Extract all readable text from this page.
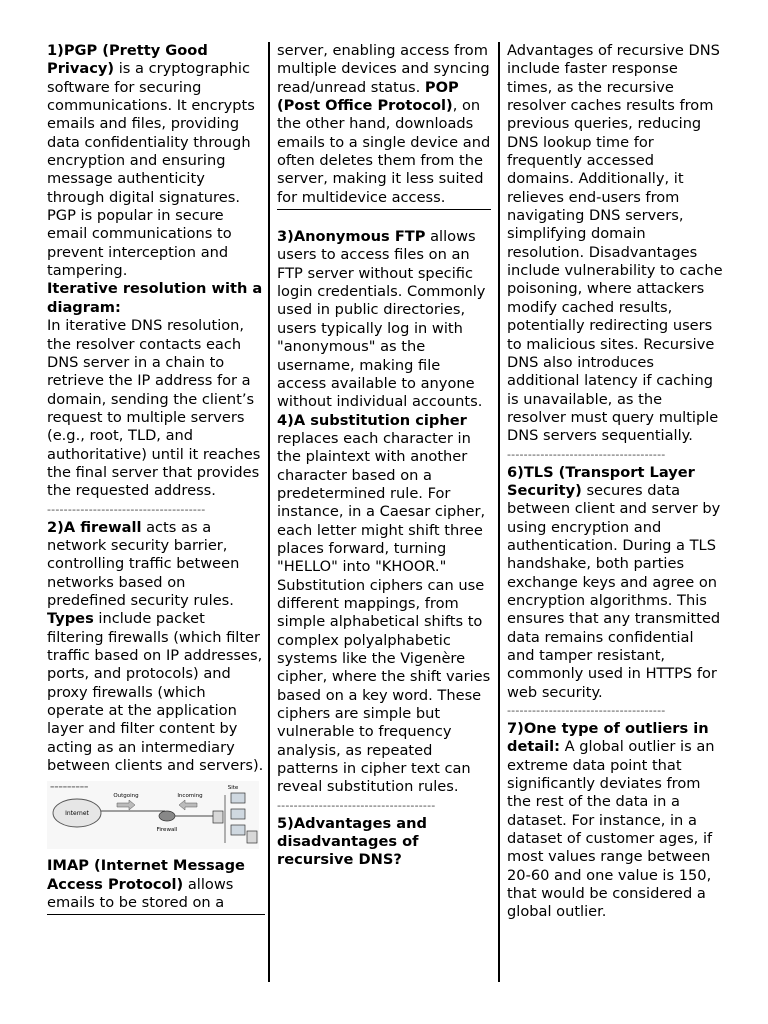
1)PGP (Pretty Good Privacy) is a cryptographic software for securing communications. It encrypts emails and files, providing data confidentiality through encryption and ensuring message authenticity through digital signatures. PGP is popular in secure email communications to prevent interception and tampering.

Iterative resolution with a diagram:

In iterative DNS resolution, the resolver contacts each DNS server in a chain to retrieve the IP address for a domain, sending the client’s request to multiple servers (e.g., root, TLD, and authoritative) until it reaches the final server that provides the requested address.

--------------------------------------

2)A firewall acts as a network security barrier, controlling traffic between networks based on predefined security rules. Types include packet filtering firewalls (which filter traffic based on IP addresses, ports, and protocols) and proxy firewalls (which operate at the application layer and filter content by acting as an intermediary between clients and servers).

▬▬▬▬▬▬▬▬▬
Internet
Outgoing	Incoming
Firewall
Site

IMAP (Internet Message Access Protocol) allows emails to be stored on a

server, enabling access from multiple devices and syncing read/unread status. POP (Post Office Protocol), on the other hand, downloads emails to a single device and often deletes them from the server, making it less suited for multidevice access.

3)Anonymous FTP allows users to access files on an FTP server without specific login credentials. Commonly used in public directories, users typically log in with "anonymous" as the username, making file access available to anyone without individual accounts.

4)A substitution cipher replaces each character in the plaintext with another character based on a predetermined rule. For instance, in a Caesar cipher, each letter might shift three places forward, turning "HELLO" into "KHOOR." Substitution ciphers can use different mappings, from simple alphabetical shifts to complex polyalphabetic systems like the Vigenère cipher, where the shift varies based on a key word. These ciphers are simple but vulnerable to frequency analysis, as repeated patterns in cipher text can reveal substitution rules.

--------------------------------------

5)Advantages and disadvantages of recursive DNS?

Advantages of recursive DNS include faster response times, as the recursive resolver caches results from previous queries, reducing DNS lookup time for frequently accessed domains. Additionally, it relieves end-users from navigating DNS servers, simplifying domain resolution. Disadvantages include vulnerability to cache poisoning, where attackers modify cached results, potentially redirecting users to malicious sites. Recursive DNS also introduces additional latency if caching is unavailable, as the resolver must query multiple DNS servers sequentially.

--------------------------------------

6)TLS (Transport Layer Security) secures data between client and server by using encryption and authentication. During a TLS handshake, both parties exchange keys and agree on encryption algorithms. This ensures that any transmitted data remains confidential and tamper resistant, commonly used in HTTPS for web security.

--------------------------------------

7)One type of outliers in detail: A global outlier is an extreme data point that significantly deviates from the rest of the data in a dataset. For instance, in a dataset of customer ages, if most values range between 20-60 and one value is 150, that would be considered a global outlier.
